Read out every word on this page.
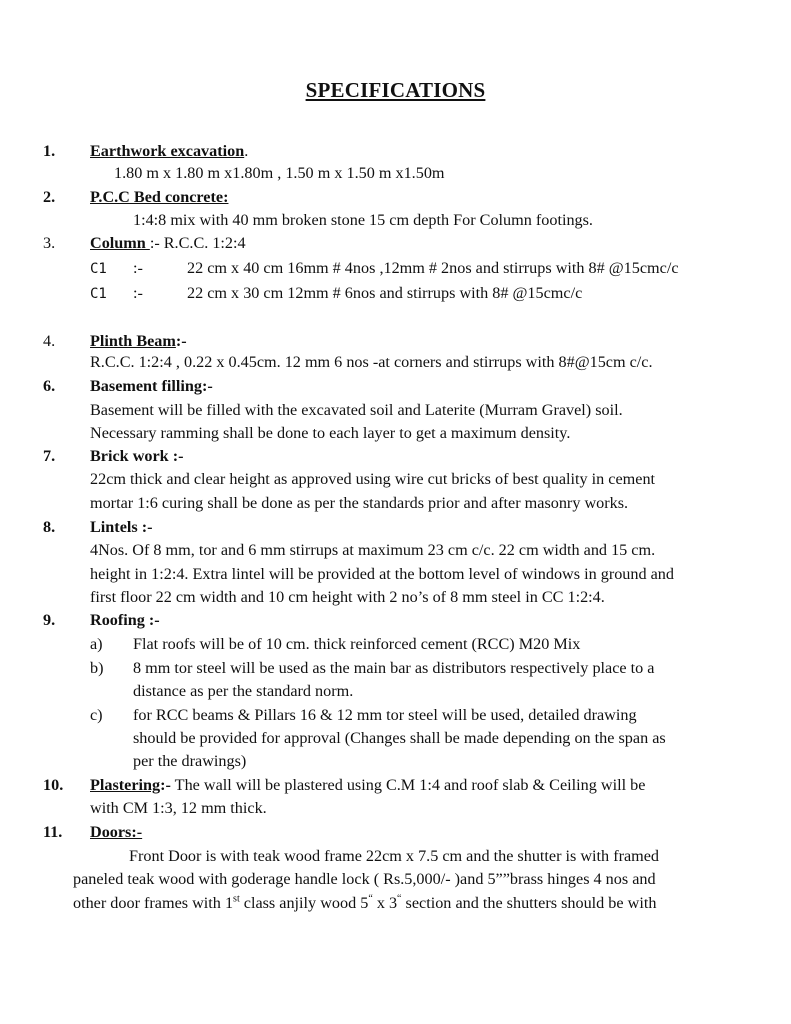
SPECIFICATIONS
1. Earthwork excavation.
1.80 m x 1.80 m x1.80m , 1.50 m x 1.50 m x1.50m
2. P.C.C Bed concrete:
1:4:8 mix with 40 mm broken stone 15 cm depth For Column footings.
3. Column :- R.C.C. 1:2:4
C1 :-	22 cm x 40 cm 16mm # 4nos ,12mm # 2nos and stirrups with 8# @15cmc/c
C1 :-	22 cm x 30 cm 12mm # 6nos and stirrups with 8# @15cmc/c
4. Plinth Beam:-
R.C.C. 1:2:4 , 0.22 x 0.45cm. 12 mm 6 nos -at corners and stirrups with 8#@15cm c/c.
6. Basement filling:-
Basement will be filled with the excavated soil and Laterite (Murram Gravel) soil.
Necessary ramming shall be done to each layer to get a maximum density.
7. Brick work :-
22cm thick and clear height as approved using wire cut bricks of best quality in cement
mortar 1:6 curing shall be done as per the standards prior and after masonry works.
8. Lintels :-
4Nos. Of 8 mm, tor and 6 mm stirrups at maximum 23 cm c/c. 22 cm width and 15 cm.
height in 1:2:4. Extra lintel will be provided at the bottom level of windows in ground and
first floor 22 cm width and 10 cm height with 2 no’s of 8 mm steel in CC 1:2:4.
9. Roofing :-
a) Flat roofs will be of 10 cm. thick reinforced cement (RCC) M20 Mix
b) 8 mm tor steel will be used as the main bar as distributors respectively place to a
distance as per the standard norm.
c) for RCC beams & Pillars 16 & 12 mm tor steel will be used, detailed drawing
should be provided for approval (Changes shall be made depending on the span as
per the drawings)
10. Plastering:- The wall will be plastered using C.M 1:4 and roof slab & Ceiling will be
with CM 1:3, 12 mm thick.
11. Doors:-
Front Door is with teak wood frame 22cm x 7.5 cm and the shutter is with framed
paneled teak wood with goderage handle lock ( Rs.5,000/- )and 5””brass hinges 4 nos and
other door frames with 1st class anjily wood 5“ x 3“ section and the shutters should be with
